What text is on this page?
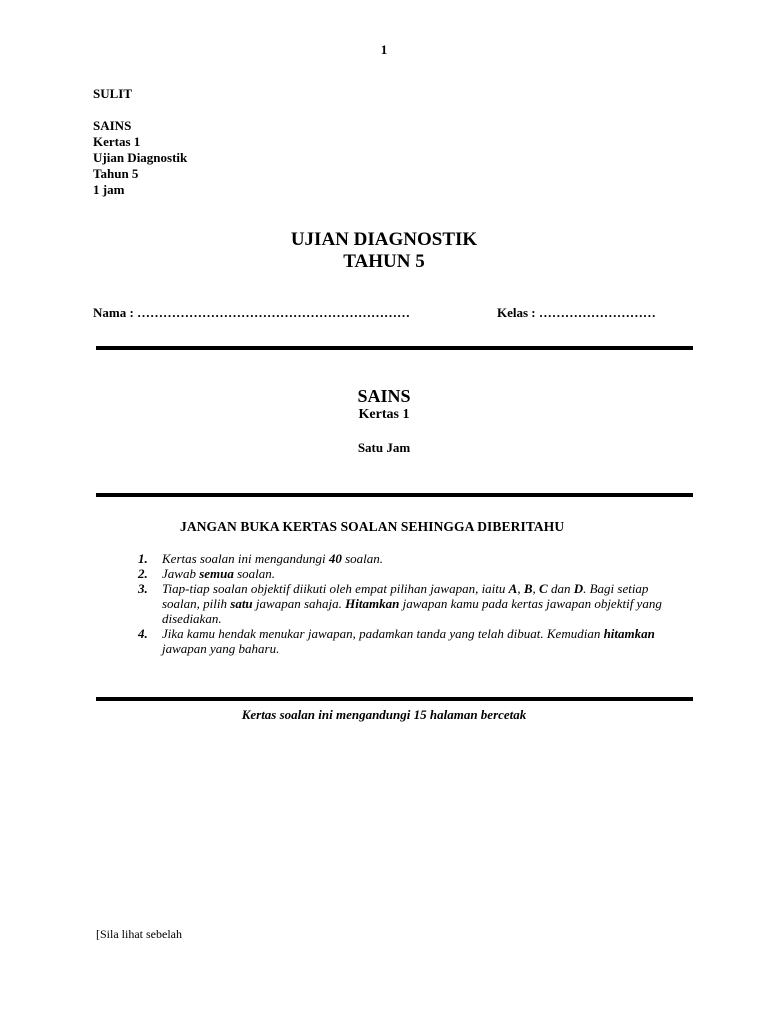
1
SULIT
SAINS
Kertas 1
Ujian Diagnostik
Tahun 5
1 jam
UJIAN DIAGNOSTIK
TAHUN 5
Nama : ………………………………………………………	Kelas : ………………………
SAINS
Kertas 1
Satu Jam
JANGAN BUKA KERTAS SOALAN SEHINGGA DIBERITAHU
1.	Kertas soalan ini mengandungi 40 soalan.
2.	Jawab semua soalan.
3.	Tiap-tiap soalan objektif diikuti oleh empat pilihan jawapan, iaitu A, B, C dan D. Bagi setiap soalan, pilih satu jawapan sahaja. Hitamkan jawapan kamu pada kertas jawapan objektif yang disediakan.
4.	Jika kamu hendak menukar jawapan, padamkan tanda yang telah dibuat. Kemudian hitamkan jawapan yang baharu.
Kertas soalan ini mengandungi 15 halaman bercetak
[Sila lihat sebelah
